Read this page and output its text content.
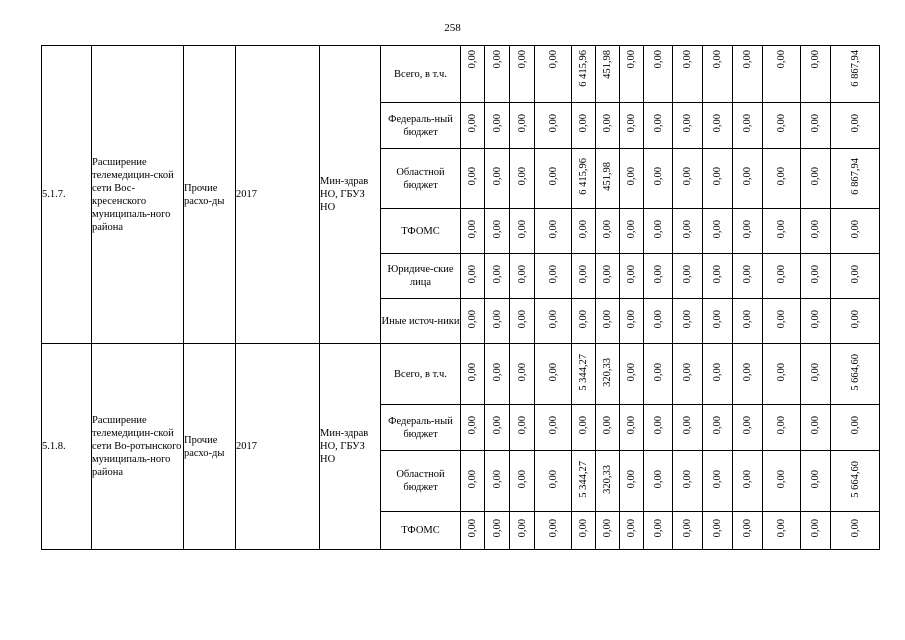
258
5.1.7.	Расширение телемедицин-ской сети Вос-кресенского муниципаль-ного района	Прочие расхо-ды	2017	Мин-здрав НО, ГБУЗ НО	Всего, в т.ч.	0,00	0,00	0,00	0,00	6 415,96	451,98	0,00	0,00	0,00	0,00	0,00	0,00	0,00	6 867,94
					Федераль-ный бюджет	0,00	0,00	0,00	0,00	0,00	0,00	0,00	0,00	0,00	0,00	0,00	0,00	0,00	0,00
					Областной бюджет	0,00	0,00	0,00	0,00	6 415,96	451,98	0,00	0,00	0,00	0,00	0,00	0,00	0,00	6 867,94
					ТФОМС	0,00	0,00	0,00	0,00	0,00	0,00	0,00	0,00	0,00	0,00	0,00	0,00	0,00	0,00
					Юридиче-ские лица	0,00	0,00	0,00	0,00	0,00	0,00	0,00	0,00	0,00	0,00	0,00	0,00	0,00	0,00
					Иные источ-ники	0,00	0,00	0,00	0,00	0,00	0,00	0,00	0,00	0,00	0,00	0,00	0,00	0,00	0,00
5.1.8.	Расширение телемедицин-ской сети Во-ротынского муниципаль-ного района	Прочие расхо-ды	2017	Мин-здрав НО, ГБУЗ НО	Всего, в т.ч.	0,00	0,00	0,00	0,00	5 344,27	320,33	0,00	0,00	0,00	0,00	0,00	0,00	0,00	5 664,60
					Федераль-ный бюджет	0,00	0,00	0,00	0,00	0,00	0,00	0,00	0,00	0,00	0,00	0,00	0,00	0,00	0,00
					Областной бюджет	0,00	0,00	0,00	0,00	5 344,27	320,33	0,00	0,00	0,00	0,00	0,00	0,00	0,00	5 664,60
					ТФОМС	0,00	0,00	0,00	0,00	0,00	0,00	0,00	0,00	0,00	0,00	0,00	0,00	0,00	0,00
